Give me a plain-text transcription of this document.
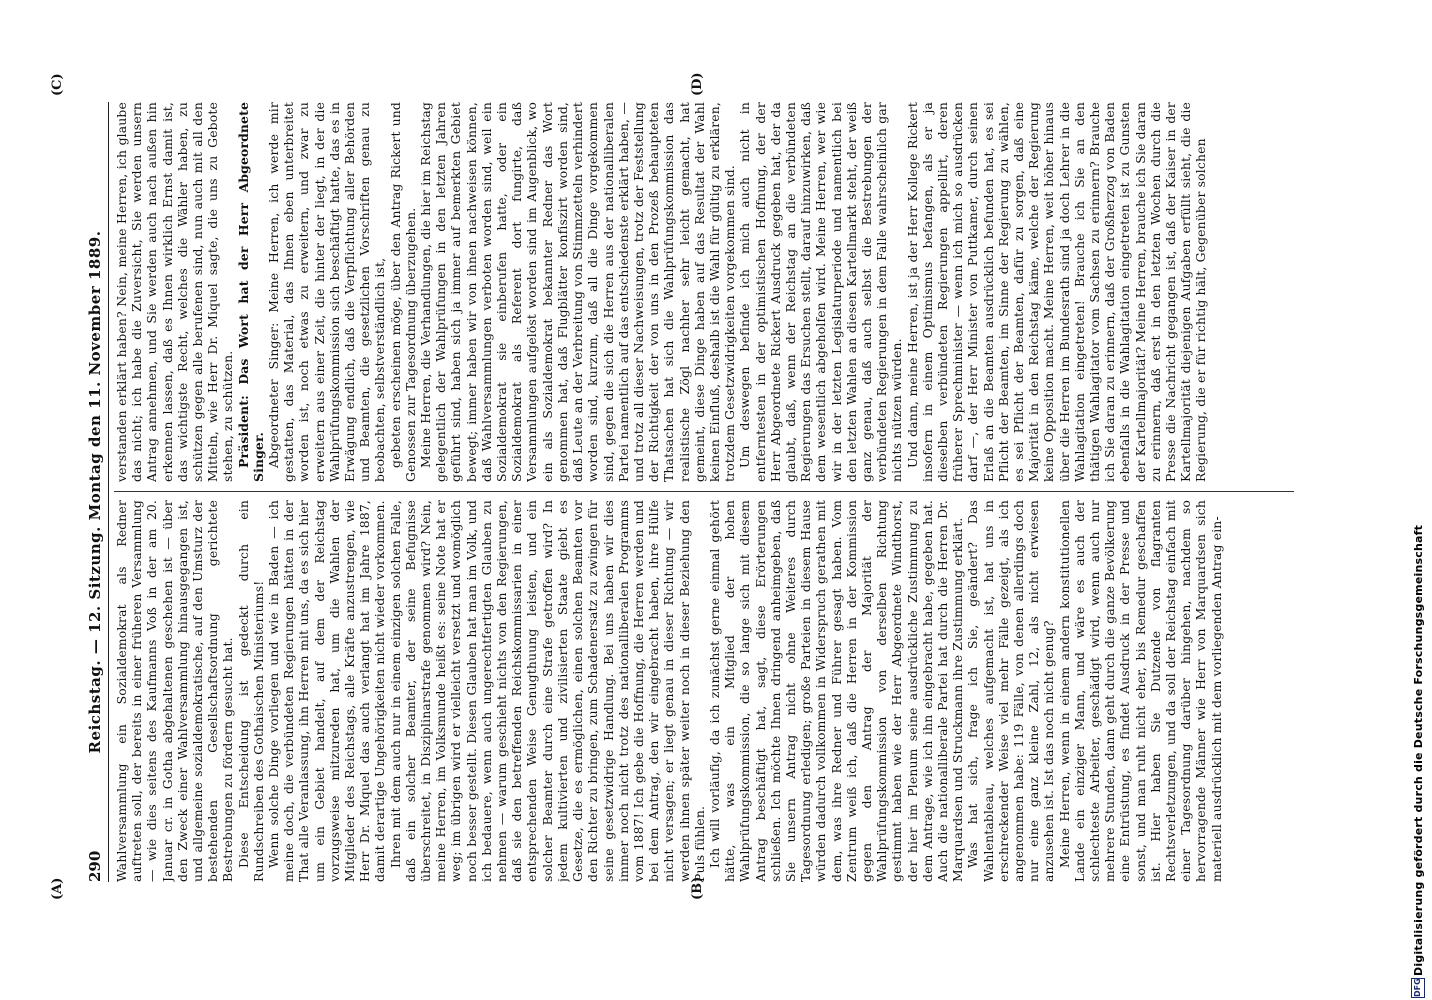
290
Reichstag. — 12. Sitzung. Montag den 11. November 1889.
(A)	(B)
(C)	(D)

Wahlversammlung ein Sozialdemokrat als Redner auftreten soll, der bereits in einer früheren Versammlung — wie dies seitens des Kaufmanns Voß in der am 20. Januar cr. in Gotha abgehaltenen geschehen ist — über den Zweck einer Wahlversammlung hinausgegangen ist, und allgemeine sozialdemokratische, auf den Umsturz der bestehenden Gesellschaftsordnung gerichtete Bestrebungen zu fördern gesucht hat. Diese Entscheidung ist gedeckt durch ein Rundschreiben des Gothaischen Ministeriums! Wenn solche Dinge vorliegen und wie in Baden — ich meine doch, die verbündeten Regierungen hätten in der That alle Veranlassung, ihn Herren mit uns, da es sich hier um ein Gebiet handelt, auf dem der Reichstag vorzugsweise mitzureden hat, um die Wahlen der Mitglieder des Reichstags, alle Kräfte anzustrengen, wie Herr Dr. Miquel das auch verlangt hat im Jahre 1887, damit derartige Ungehörigkeiten nicht wieder vorkommen. Ihren mit dem auch nur in einem einzigen solchen Falle, daß ein solcher Beamter, der seine Befugnisse überschreitet, in Disziplinarstrafe genommen wird? Nein, meine Herren, im Volksmunde heißt es: seine Note hat er weg; im übrigen wird er vielleicht versetzt und womöglich noch besser gestellt. Diesen Glauben hat man im Volk, und ich bedauere, wenn auch ungerechtfertigten Glauben zu nehmen — warum geschieht nichts von den Regierungen, daß sie den betreffenden Reichskommissarien in einer entsprechenden Weise Genugthuung leisten, und ein solcher Beamter durch eine Strafe getroffen wird? In jedem kultivierten und zivilisierten Staate giebt es Gesetze, die es ermöglichen, einen solchen Beamten vor den Richter zu bringen, zum Schadenersatz zu zwingen für seine gesetzwidrige Handlung. Bei uns haben wir dies immer noch nicht trotz des nationalliberalen Programms vom 1887! Ich gebe die Hoffnung, die Herren werden und bei dem Antrag, den wir eingebracht haben, ihre Hülfe nicht versagen; er liegt genau in dieser Richtung — wir werden ihnen später weiter noch in dieser Beziehung den Puls fühlen. Ich will vorläufig, da ich zunächst gerne einmal gehört hätte, was ein Mitglied der hohen Wahlprüfungskommission, die so lange sich mit diesem Antrag beschäftigt hat, sagt, diese Erörterungen schließen. Ich möchte Ihnen dringend anheimgeben, daß Sie unsern Antrag nicht ohne Weiteres durch Tagesordnung erledigen; große Parteien in diesem Hause würden dadurch vollkommen in Widerspruch gerathen mit dem, was ihre Redner und Führer gesagt haben. Vom Zentrum weiß ich, daß die Herren in der Kommission gegen den Antrag der Majorität der Wahlprüfungskommission von derselben Richtung gestimmt haben wie der Herr Abgeordnete Windthorst, der hier im Plenum seine ausdrückliche Zustimmung zu dem Antrage, wie ich ihn eingebracht habe, gegeben hat. Auch die nationalliberale Partei hat durch die Herren Dr. Marquardsen und Struckmann ihre Zustimmung erklärt. Was hat sich, frage ich Sie, geändert? Das Wahlentableau, welches aufgemacht ist, hat uns in erschreckender Weise viel mehr Fälle gezeigt, als ich angenommen habe: 119 Fälle, von denen allerdings doch nur eine ganz kleine Zahl, 12, als nicht erwiesen anzusehen ist. Ist das noch nicht genug? Meine Herren, wenn in einem andern konstitutionellen Lande ein einziger Mann, und wäre es auch der schlechteste Arbeiter, geschädigt wird, wenn auch nur mehrere Stunden, dann geht durch die ganze Bevölkerung eine Entrüstung, es findet Ausdruck in der Presse und sonst, und man ruht nicht eher, bis Remedur geschaffen ist. Hier haben Sie Dutzende von flagranten Rechtsverletzungen, und da soll der Reichstag einfach mit einer Tagesordnung darüber hingehen, nachdem so hervorragende Männer wie Herr von Marquardsen sich materiell ausdrücklich mit dem vorliegenden Antrag ein-

verstanden erklärt haben? Nein, meine Herren, ich glaube das nicht; ich habe die Zuversicht, Sie werden unsern Antrag annehmen, und Sie werden auch nach außen hin erkennen lassen, daß es Ihnen wirklich Ernst damit ist, das wichtigste Recht, welches die Wähler haben, zu schützen gegen alle berufenen sind, nun auch mit all den Mitteln, wie Herr Dr. Miquel sagte, die uns zu Gebote stehen, zu schützen. Präsident: Das Wort hat der Herr Abgeordnete Singer. Abgeordneter Singer: Meine Herren, ich werde mir gestatten, das Material, das Ihnen eben unterbreitet worden ist, noch etwas zu erweitern, und zwar zu erweitern aus einer Zeit, die hinter der liegt, in der die Wahlprüfungskommission sich beschäftigt hatte, das es in Erwägung endlich, daß die Verpflichtung aller Behörden und Beamten, die gesetzlichen Vorschriften genau zu beobachten, selbstverständlich ist, gebeten erscheinen möge, über den Antrag Rickert und Genossen zur Tagesordnung überzugehen. Meine Herren, die Verhandlungen, die hier im Reichstag gelegentlich der Wahlprüfungen in den letzten Jahren geführt sind, haben sich ja immer auf bemerkten Gebiet bewegt; immer haben wir von ihnen nachweisen können, daß Wahlversammlungen verboten worden sind, weil ein Sozialdemokrat sie einberufen hatte, oder ein Sozialdemokrat als Referent dort fungirte, daß Versammlungen aufgelöst worden sind im Augenblick, wo ein als Sozialdemokrat bekannter Redner das Wort genommen hat, daß Flugblätter konfiszirt worden sind, daß Leute an der Verbreitung von Stimmzetteln verhindert worden sind, kurzum, daß all die Dinge vorgekommen sind, gegen die sich die Herren aus der nationalliberalen Partei namentlich auf das entschiedenste erklärt haben, — und trotz all dieser Nachweisungen, trotz der Feststellung der Richtigkeit der von uns in den Prozeß behaupteten Thatsachen hat sich die Wahlprüfungskommission das realistische Zögl nachher sehr leicht gemacht, hat gemeint, diese Dinge haben auf das Resultat der Wahl keinen Einfluß, deshalb ist die Wahl für gültig zu erklären, trotzdem Gesetzwidrigkeiten vorgekommen sind. Um deswegen befinde ich mich auch nicht in entferntesten in der optimistischen Hoffnung, der der Herr Abgeordnete Rickert Ausdruck gegeben hat, der da glaubt, daß, wenn der Reichstag an die verbündeten Regierungen das Ersuchen stellt, darauf hinzuwirken, daß dem wesentlich abgeholfen wird. Meine Herren, wer wie wir in der letzten Legislaturperiode und namentlich bei den letzten Wahlen an diesen Kartellmarkt steht, der weiß ganz genau, daß auch selbst die Bestrebungen der verbündeten Regierungen in dem Falle wahrscheinlich gar nichts nützen würden. Und dann, meine Herren, ist ja der Herr Kollege Rickert insofern in einem Optimismus befangen, als er ja dieselben verbündeten Regierungen appellirt, deren früherer Sprechminister — wenn ich mich so ausdrücken darf —, der Herr Minister von Puttkamer, durch seinen Erlaß an die Beamten ausdrücklich befunden hat, es sei Pflicht der Beamten, im Sinne der Regierung zu wählen, es sei Pflicht der Beamten, dafür zu sorgen, daß eine Majorität in den Reichstag käme, welche der Regierung keine Opposition macht. Meine Herren, weit höher hinaus über die Herren im Bundesrath sind ja doch Lehrer in die Wahlagitation eingetreten! Brauche ich Sie an den thätigen Wahlagitator vom Sachsen zu erinnern? Brauche ich Sie daran zu erinnern, daß der Großherzog von Baden ebenfalls in die Wahlagitation eingetreten ist zu Gunsten der Kartellmajorität? Meine Herren, brauche ich Sie daran zu erinnern, daß erst in den letzten Wochen durch die Presse die Nachricht gegangen ist, daß der Kaiser in der Kartellmajorität diejenigen Aufgaben erfüllt sieht, die die Regierung, die er für richtig hält, Gegenüber solchen

DFG
Digitalisierung gefördert durch die Deutsche Forschungsgemeinschaft
